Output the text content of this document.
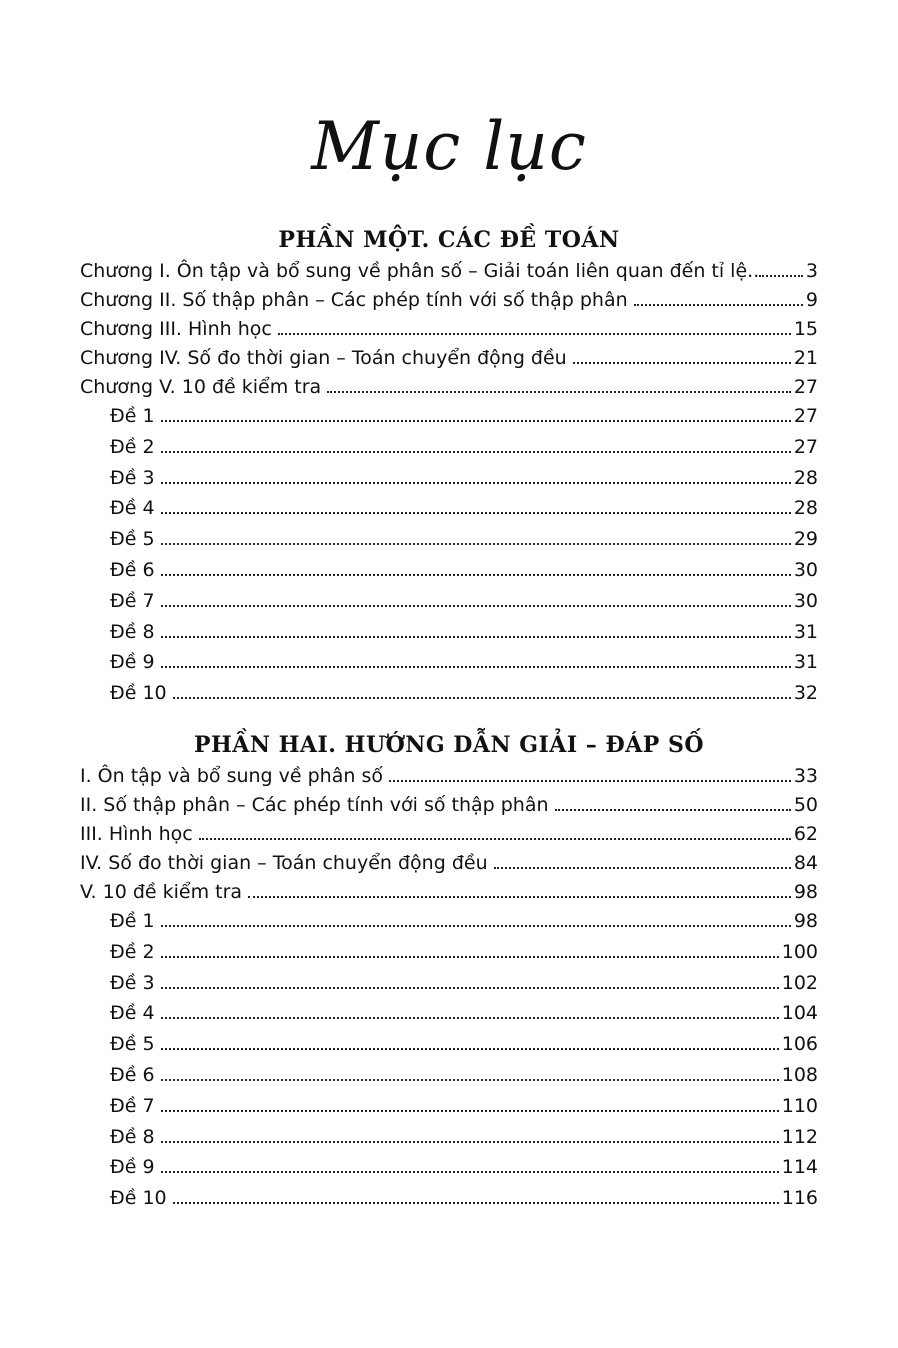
Mục lục
PHẦN MỘT. CÁC ĐỀ TOÁN
Chương I. Ôn tập và bổ sung về phân số – Giải toán liên quan đến tỉ lệ.. 3
Chương II. Số thập phân – Các phép tính với số thập phân	9
Chương III. Hình học	15
Chương IV. Số đo thời gian – Toán chuyển động đều	21
Chương V. 10 đề kiểm tra	27
Đề 1	27
Đề 2	27
Đề 3	28
Đề 4	28
Đề 5	29
Đề 6	30
Đề 7	30
Đề 8	31
Đề 9	31
Đề 10	32
PHẦN HAI. HƯỚNG DẪN GIẢI – ĐÁP SỐ
I. Ôn tập và bổ sung về phân số	33
II. Số thập phân – Các phép tính với số thập phân	50
III. Hình học	62
IV. Số đo thời gian – Toán chuyển động đều	84
V. 10 đề kiểm tra	98
Đề 1	98
Đề 2	100
Đề 3	102
Đề 4	104
Đề 5	106
Đề 6	108
Đề 7	110
Đề 8	112
Đề 9	114
Đề 10	116
